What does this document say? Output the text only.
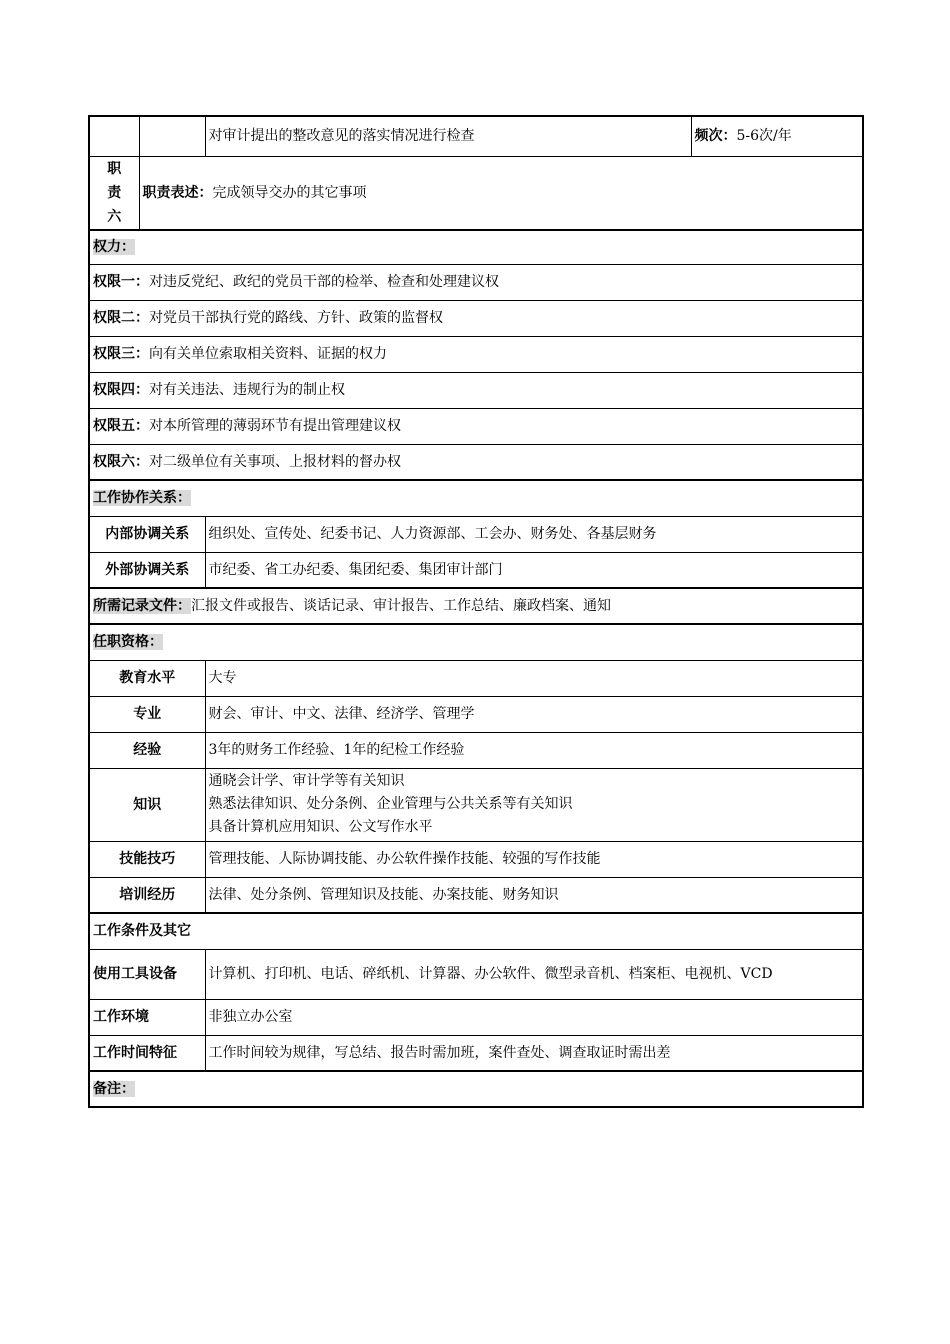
		对审计提出的整改意见的落实情况进行检查	频次：5-6次/年

职
责
六	职责表述：完成领导交办的其它事项		
权力：			
权限一：对违反党纪、政纪的党员干部的检举、检查和处理建议权			
权限二：对党员干部执行党的路线、方针、政策的监督权			
权限三：向有关单位索取相关资料、证据的权力			
权限四：对有关违法、违规行为的制止权			
权限五：对本所管理的薄弱环节有提出管理建议权			
权限六：对二级单位有关事项、上报材料的督办权			
工作协作关系：			
内部协调关系		组织处、宣传处、纪委书记、人力资源部、工会办、财务处、各基层财务	
外部协调关系		市纪委、省工办纪委、集团纪委、集团审计部门	
所需记录文件：汇报文件或报告、谈话记录、审计报告、工作总结、廉政档案、通知			
任职资格：			
教育水平		大专	
专业		财会、审计、中文、法律、经济学、管理学	
经验		3年的财务工作经验、1年的纪检工作经验	
知识		通晓会计学、审计学等有关知识
熟悉法律知识、处分条例、企业管理与公共关系等有关知识
具备计算机应用知识、公文写作水平	

技能技巧		管理技能、人际协调技能、办公软件操作技能、较强的写作技能	
培训经历		法律、处分条例、管理知识及技能、办案技能、财务知识	
工作条件及其它			
使用工具设备		计算机、打印机、电话、碎纸机、计算器、办公软件、微型录音机、档案柜、电视机、VCD	
工作环境		非独立办公室	
工作时间特征		工作时间较为规律，写总结、报告时需加班，案件查处、调查取证时需出差	
备注：			
